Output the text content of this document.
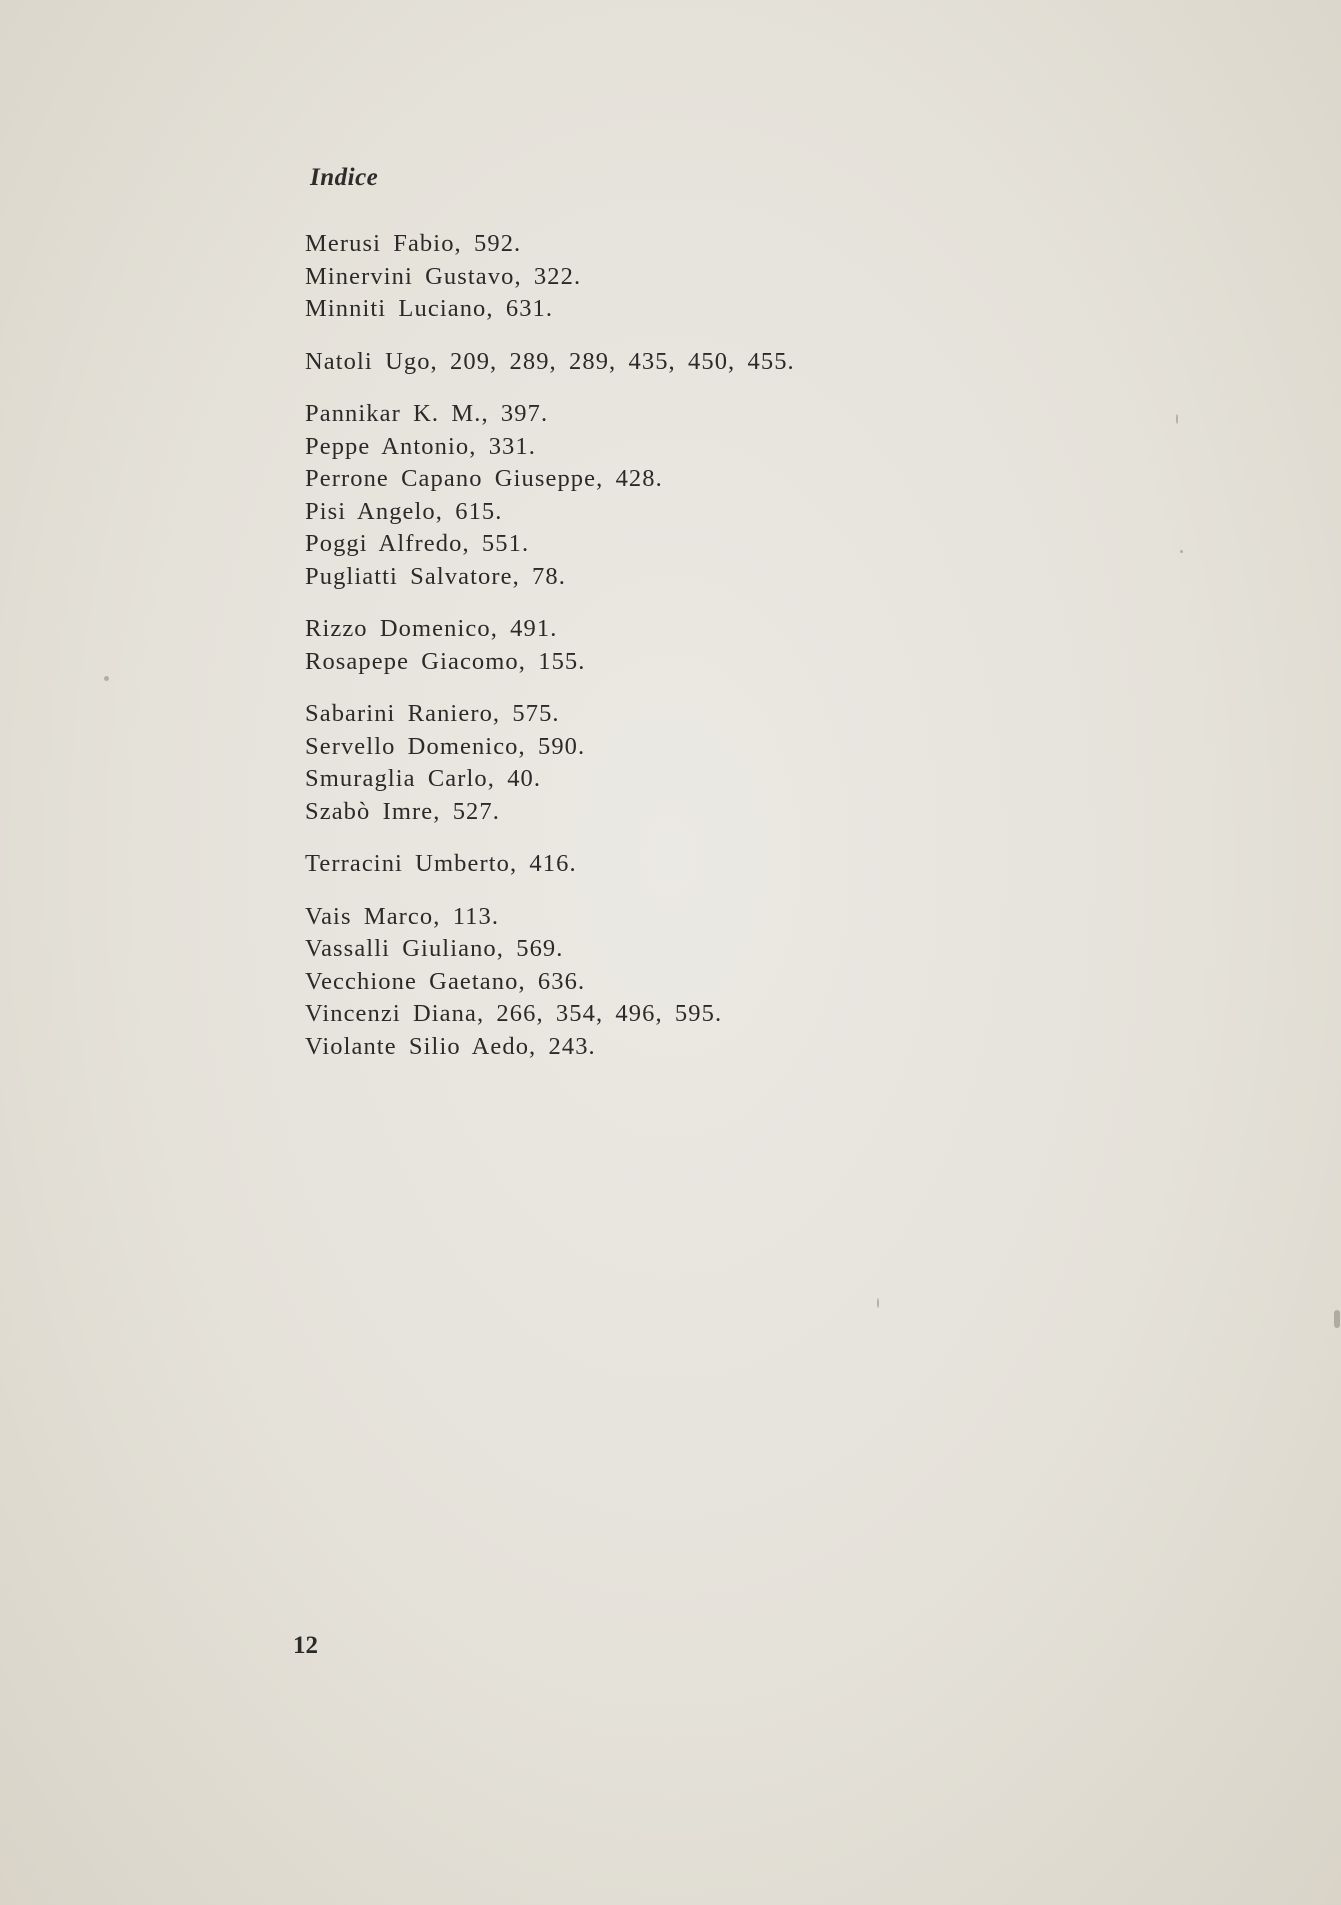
Indice
Merusi Fabio, 592.
Minervini Gustavo, 322.
Minniti Luciano, 631.
Natoli Ugo, 209, 289, 289, 435, 450, 455.
Pannikar K. M., 397.
Peppe Antonio, 331.
Perrone Capano Giuseppe, 428.
Pisi Angelo, 615.
Poggi Alfredo, 551.
Pugliatti Salvatore, 78.
Rizzo Domenico, 491.
Rosapepe Giacomo, 155.
Sabarini Raniero, 575.
Servello Domenico, 590.
Smuraglia Carlo, 40.
Szabò Imre, 527.
Terracini Umberto, 416.
Vais Marco, 113.
Vassalli Giuliano, 569.
Vecchione Gaetano, 636.
Vincenzi Diana, 266, 354, 496, 595.
Violante Silio Aedo, 243.
12
